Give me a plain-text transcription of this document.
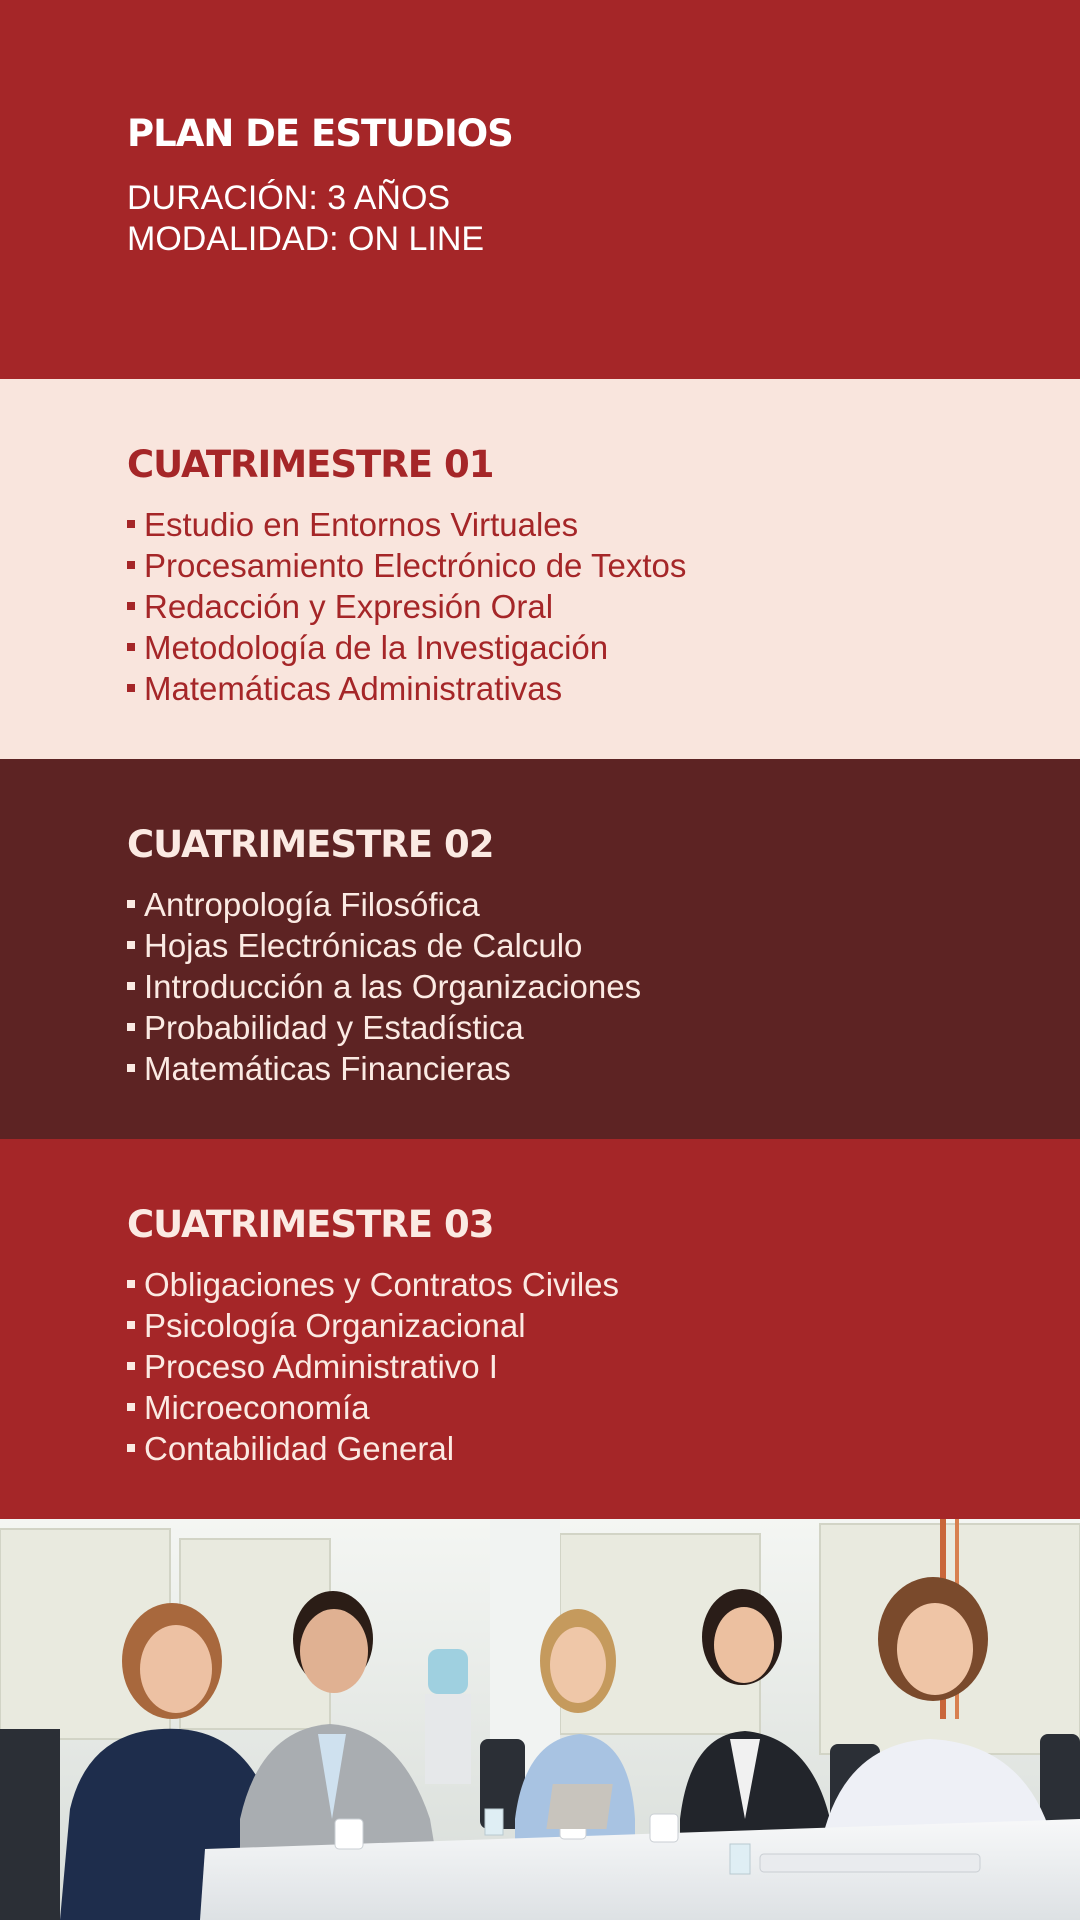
PLAN DE ESTUDIOS
DURACIÓN: 3 AÑOS
MODALIDAD: ON LINE
CUATRIMESTRE 01
Estudio en Entornos Virtuales
Procesamiento Electrónico de Textos
Redacción y Expresión Oral
Metodología de la Investigación
Matemáticas Administrativas
CUATRIMESTRE 02
Antropología Filosófica
Hojas Electrónicas de Calculo
Introducción a las Organizaciones
Probabilidad y Estadística
Matemáticas Financieras
CUATRIMESTRE 03
Obligaciones y Contratos Civiles
Psicología Organizacional
Proceso Administrativo I
Microeconomía
Contabilidad General
